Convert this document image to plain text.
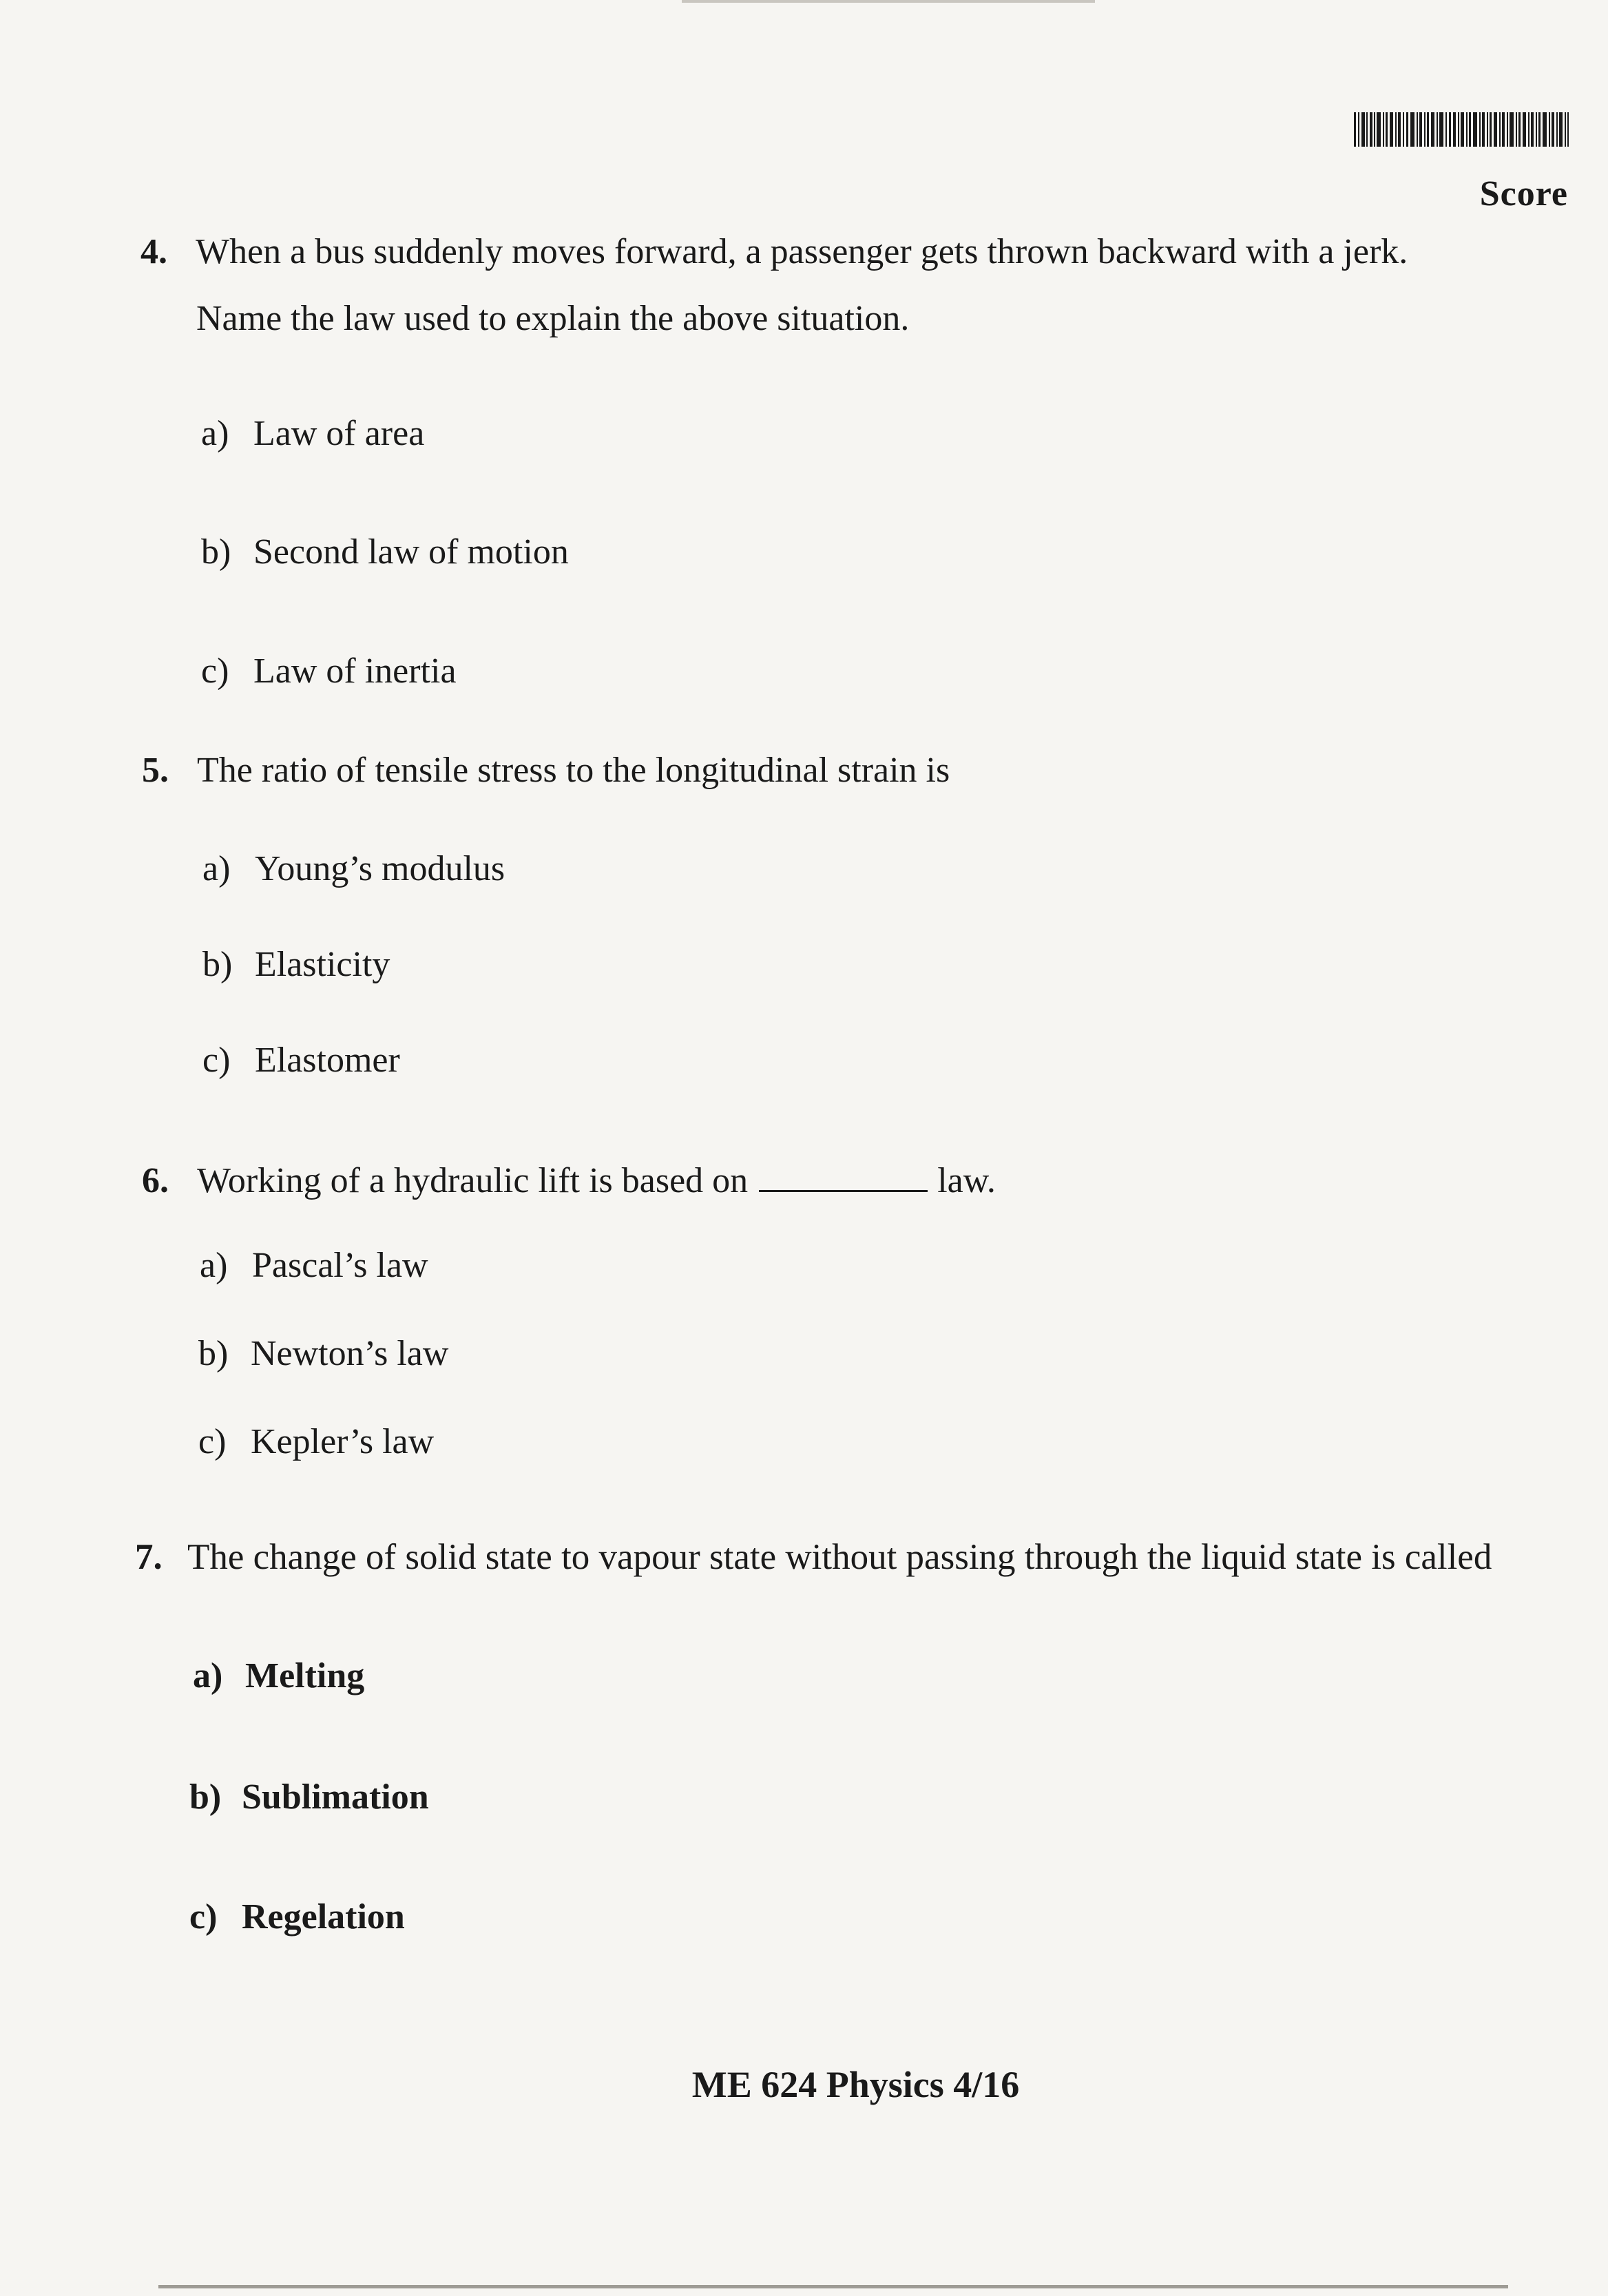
Score
4. When a bus suddenly moves forward, a passenger gets thrown backward with a jerk.
Name the law used to explain the above situation.
a) Law of area
b) Second law of motion
c) Law of inertia
5. The ratio of tensile stress to the longitudinal strain is
a) Young’s modulus
b) Elasticity
c) Elastomer
6. Working of a hydraulic lift is based on	law.
a) Pascal’s law
b) Newton’s law
c) Kepler’s law
7. The change of solid state to vapour state without passing through the liquid state is called
a) Melting
b) Sublimation
c) Regelation
ME 624 Physics 4/16
